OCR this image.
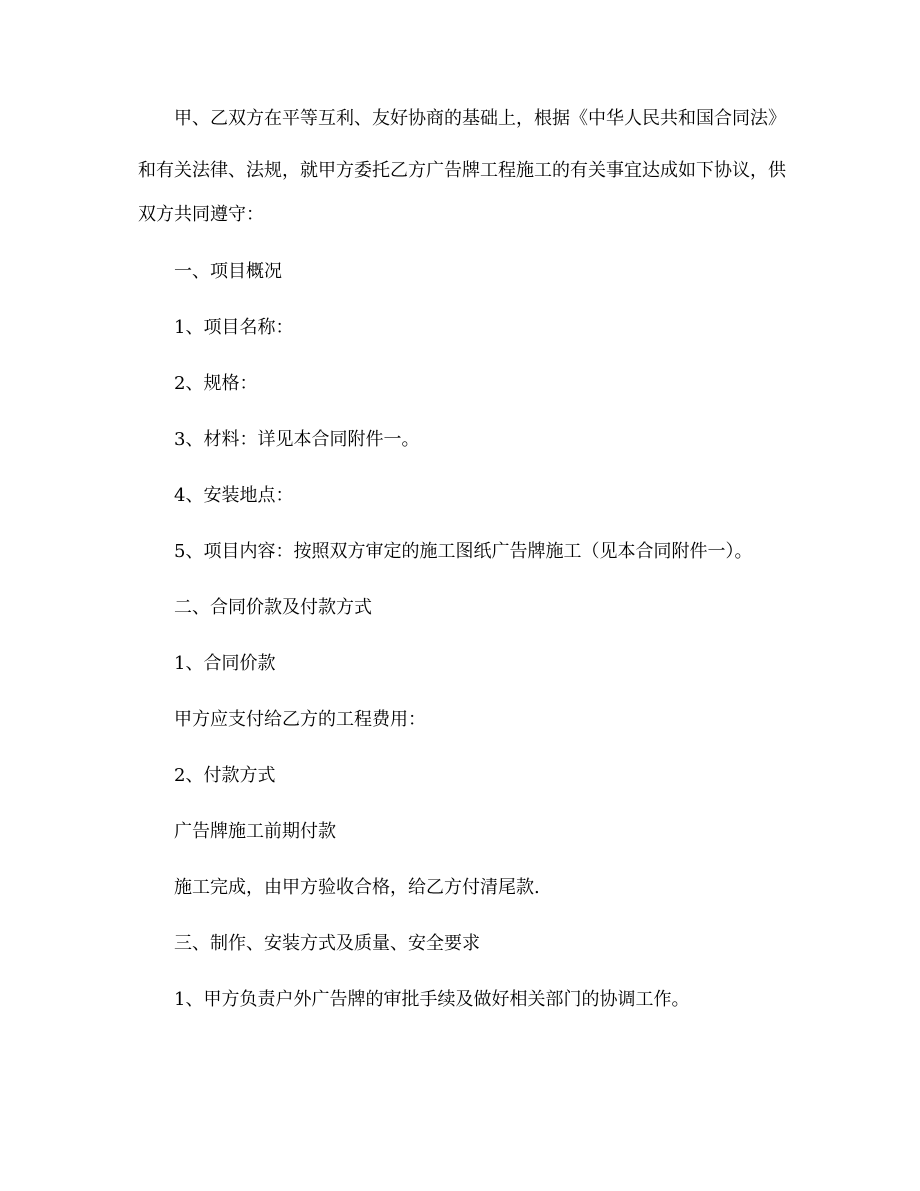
甲、乙双方在平等互利、友好协商的基础上，根据《中华人民共和国合同法》

和有关法律、法规，就甲方委托乙方广告牌工程施工的有关事宜达成如下协议，供

双方共同遵守：

一、项目概况

1、项目名称：

2、规格：

3、材料：详见本合同附件一。

4、安装地点：

5、项目内容：按照双方审定的施工图纸广告牌施工（见本合同附件一）。

二、合同价款及付款方式

1、合同价款

甲方应支付给乙方的工程费用：

2、付款方式

广告牌施工前期付款

施工完成，由甲方验收合格，给乙方付清尾款.

三、制作、安装方式及质量、安全要求

1、甲方负责户外广告牌的审批手续及做好相关部门的协调工作。
